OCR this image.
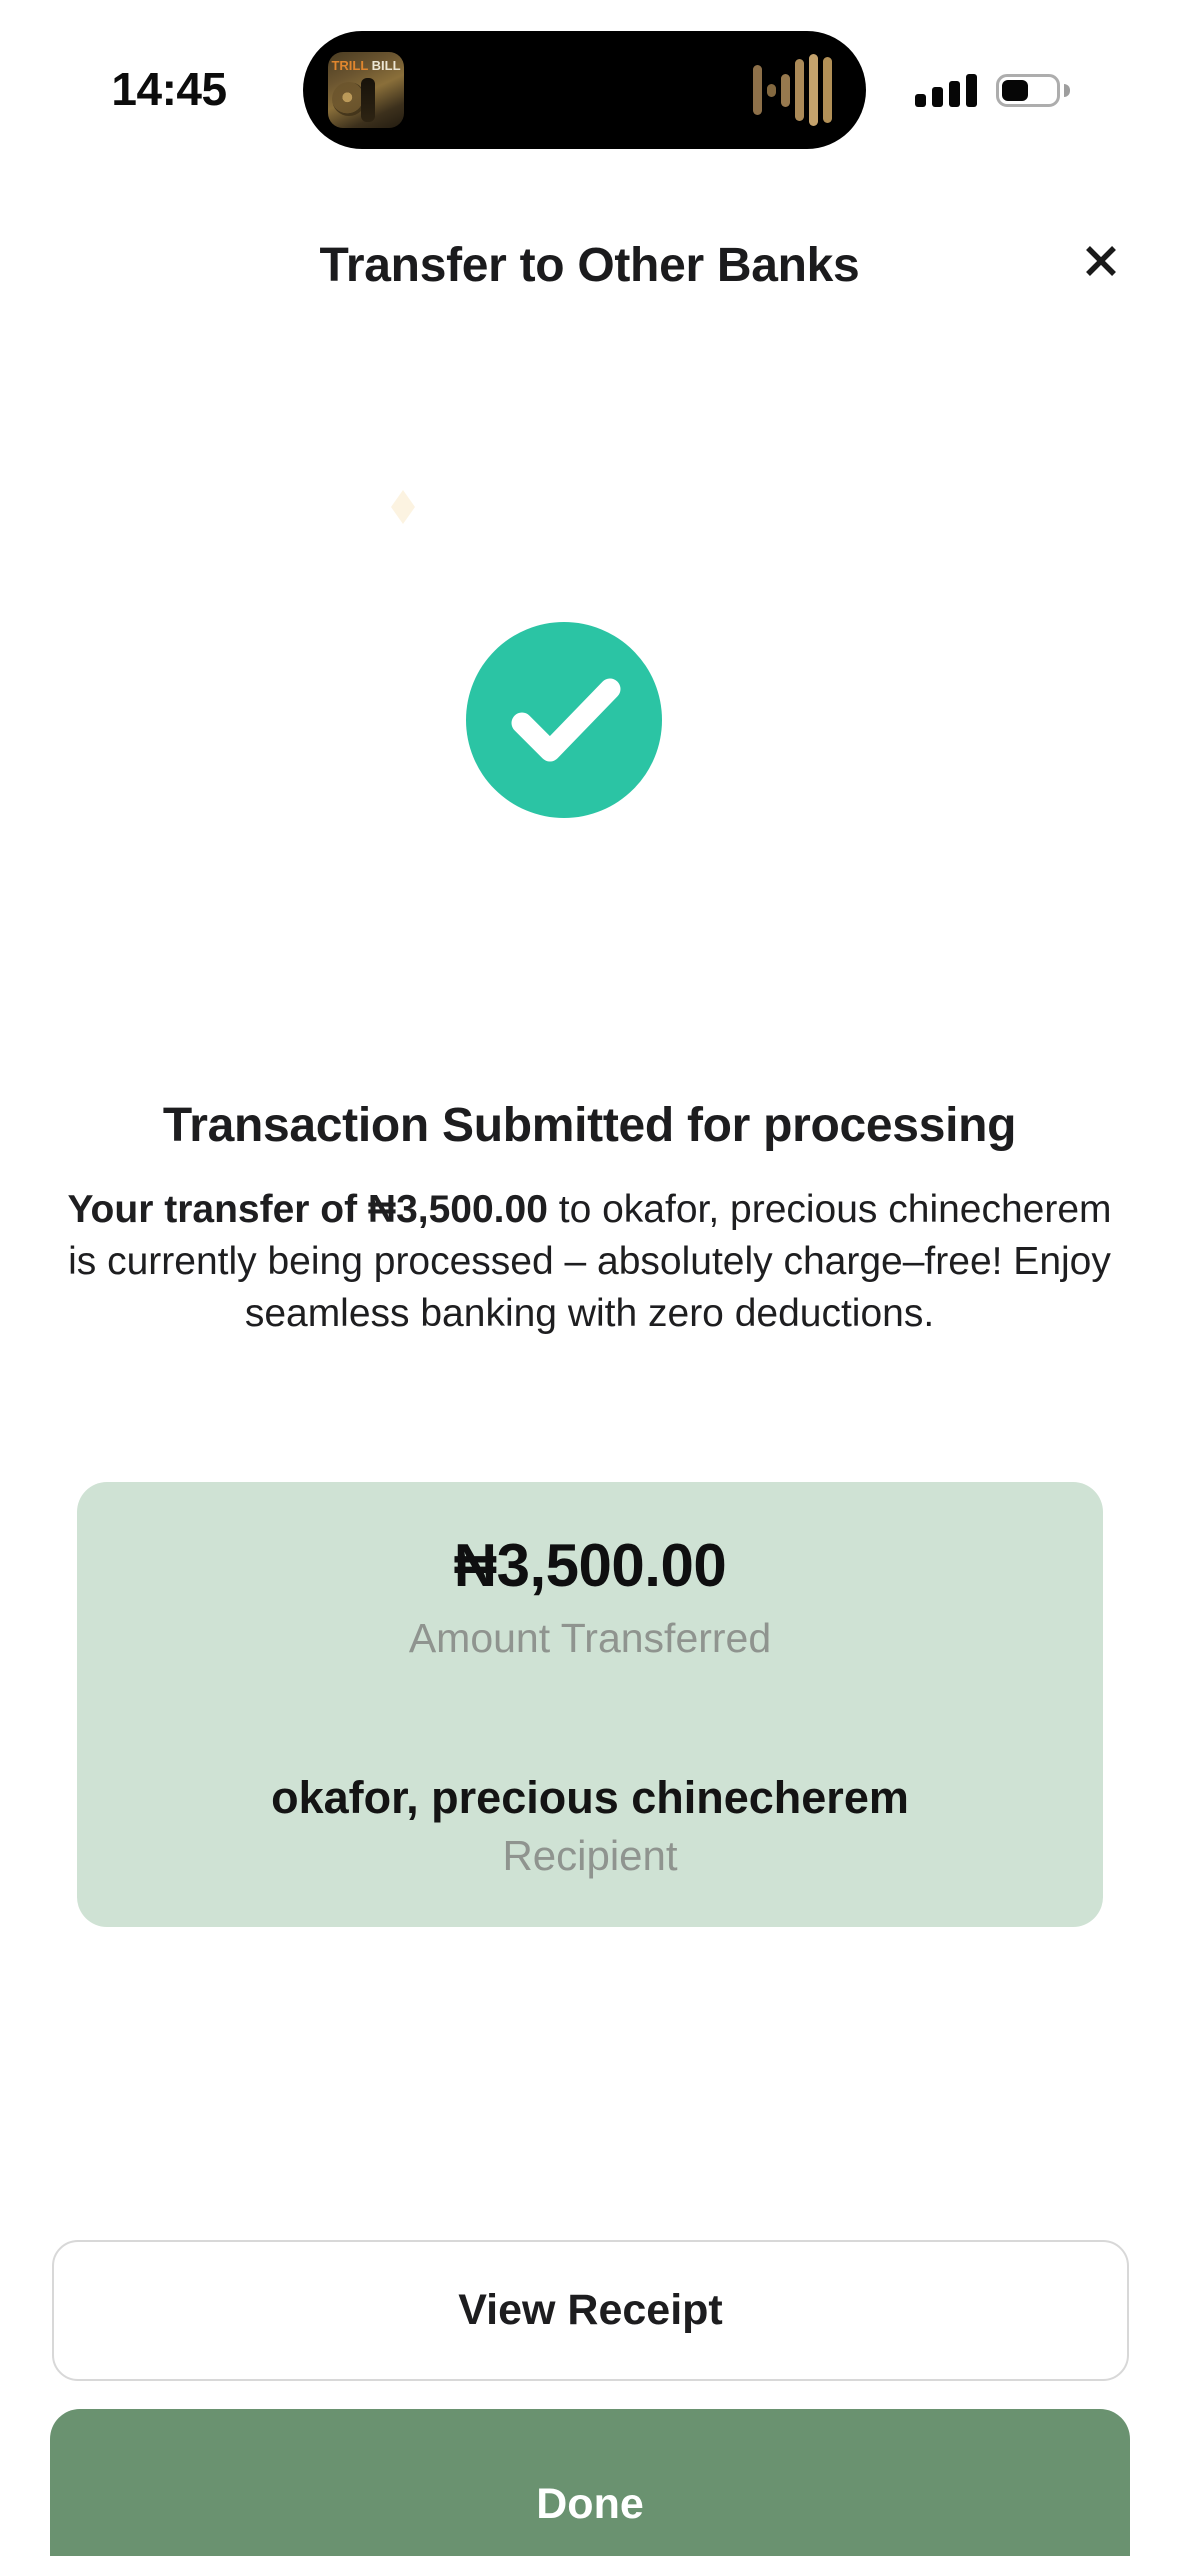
14:45	TRILL BILL
Transfer to Other Banks
Transaction Submitted for processing
Your transfer of ₦3,500.00 to okafor, precious chinecherem is currently being processed – absolutely charge–free! Enjoy seamless banking with zero deductions.
₦3,500.00
Amount Transferred
okafor, precious chinecherem
Recipient
View Receipt
Done
